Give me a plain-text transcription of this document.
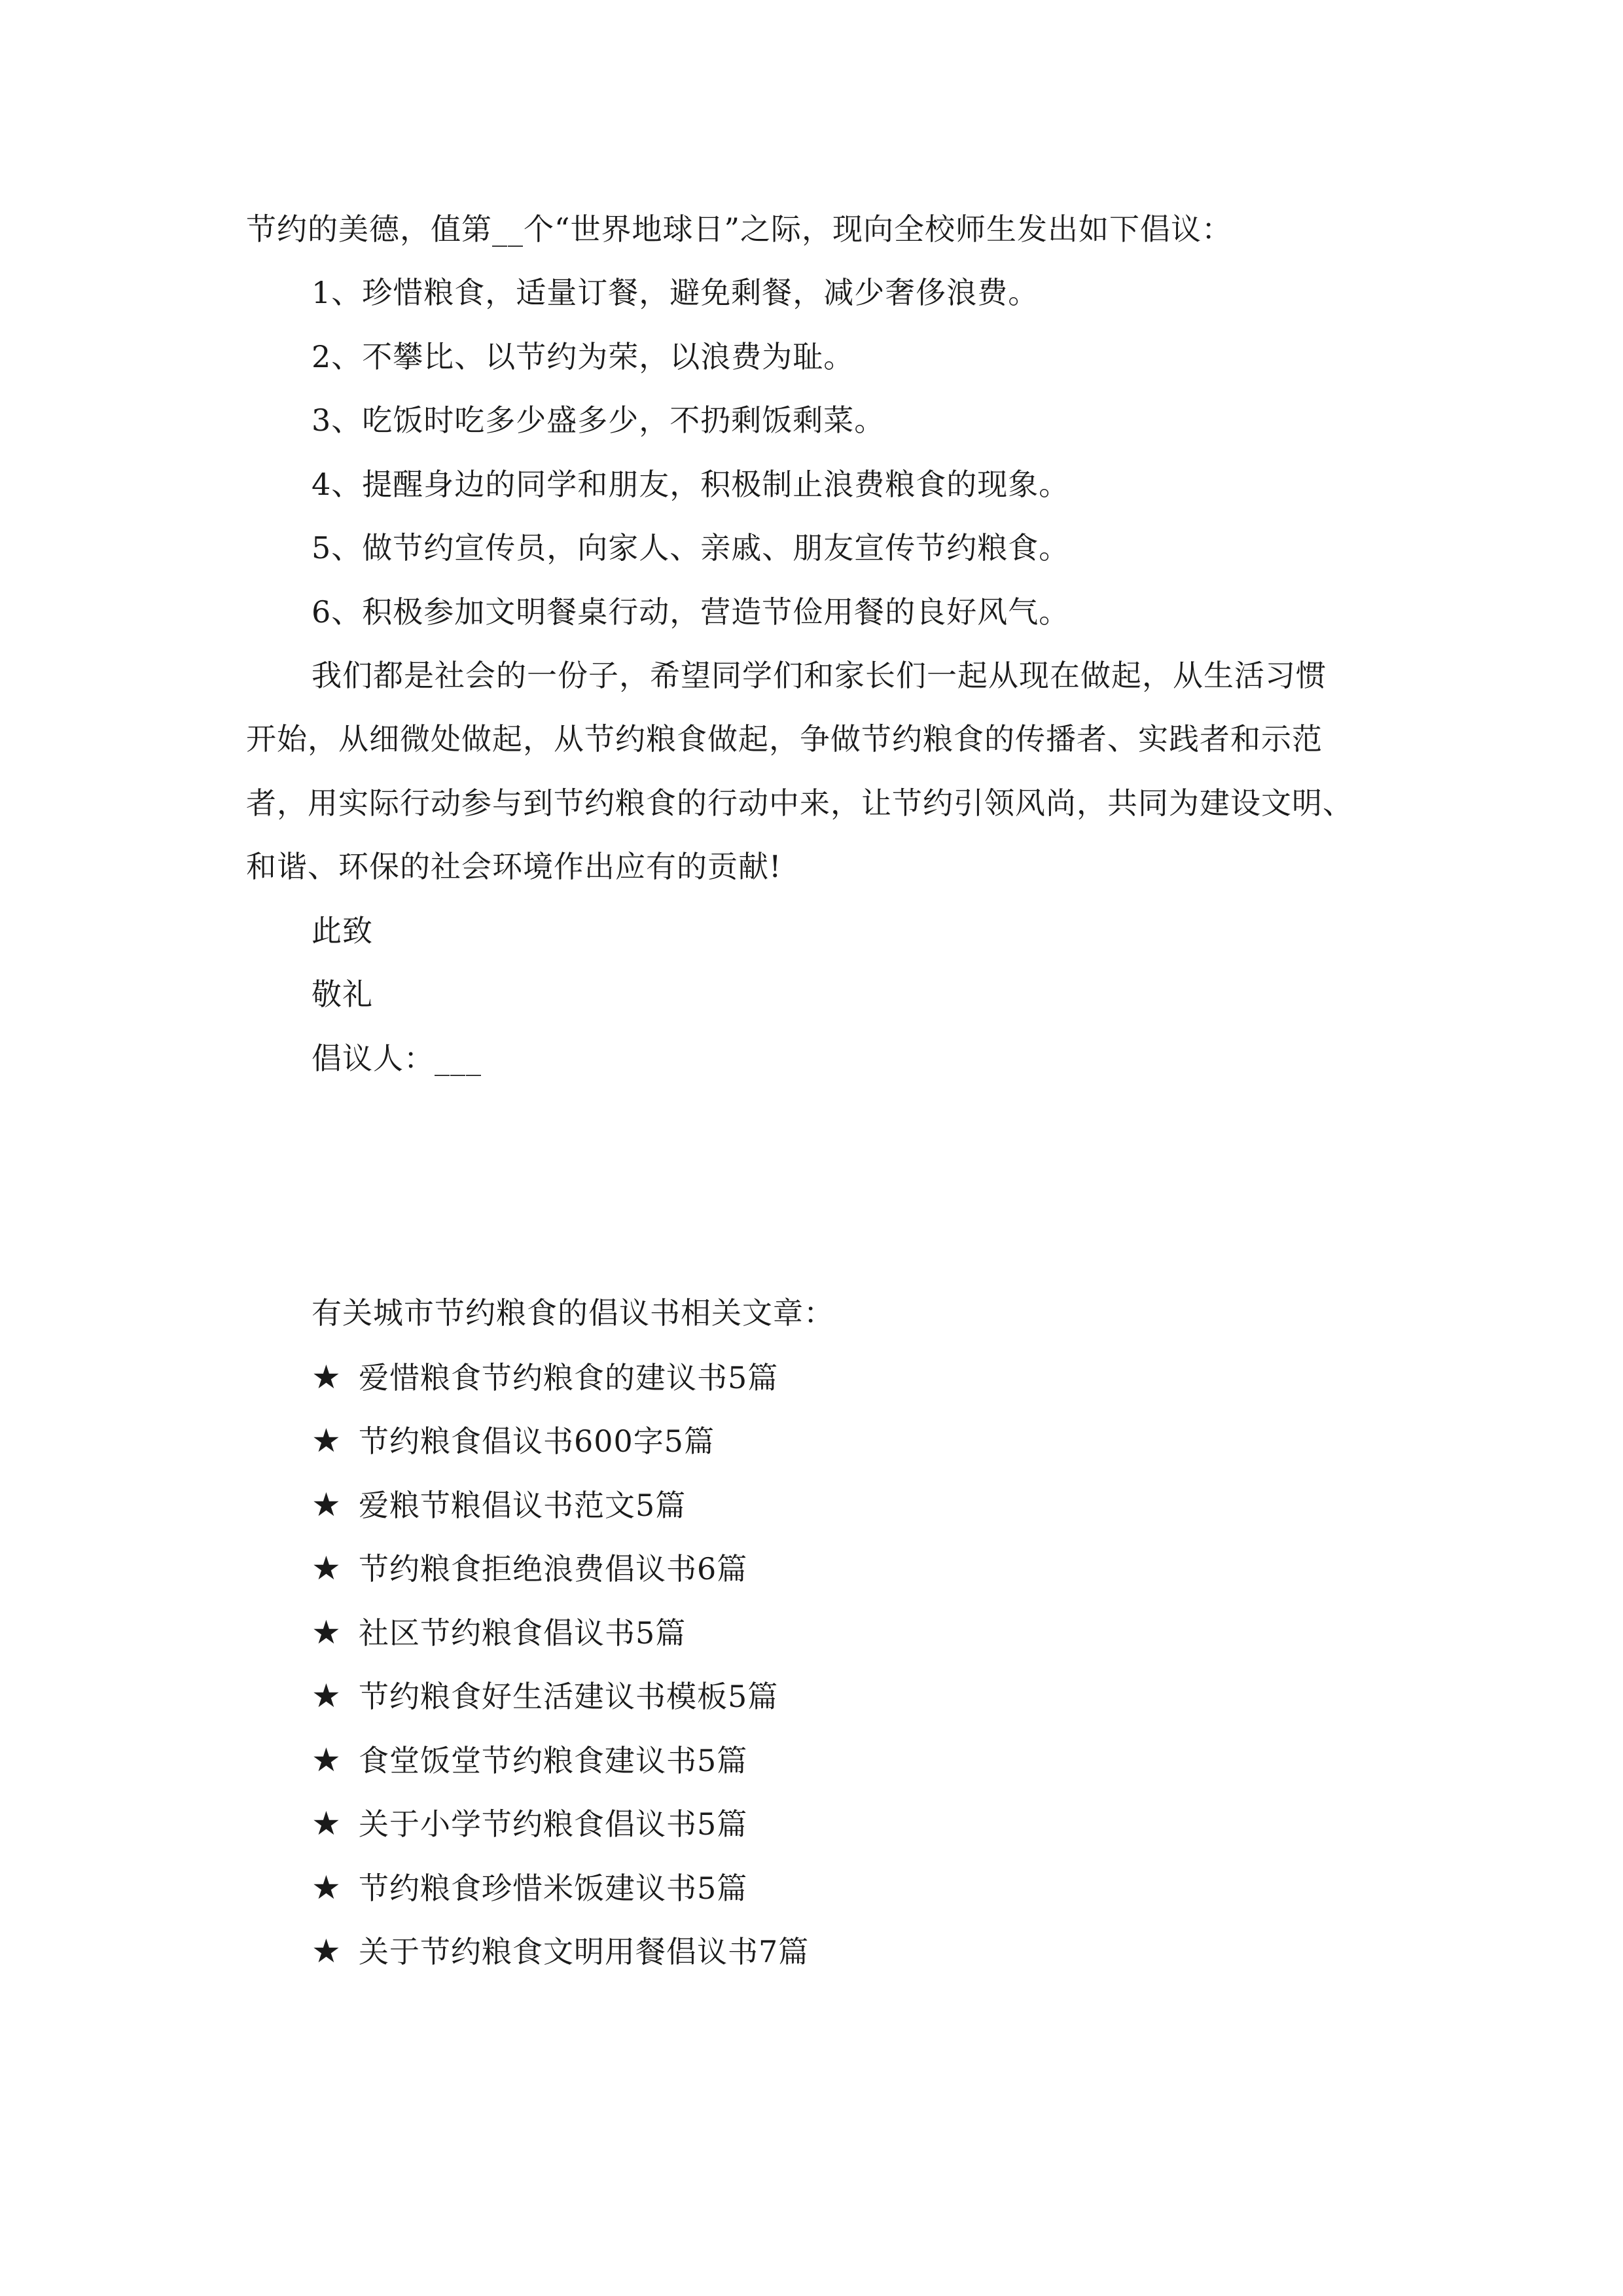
节约的美德，值第__个“世界地球日”之际，现向全校师生发出如下倡议：
1、珍惜粮食，适量订餐，避免剩餐，减少奢侈浪费。
2、不攀比、以节约为荣，以浪费为耻。
3、吃饭时吃多少盛多少，不扔剩饭剩菜。
4、提醒身边的同学和朋友，积极制止浪费粮食的现象。
5、做节约宣传员，向家人、亲戚、朋友宣传节约粮食。
6、积极参加文明餐桌行动，营造节俭用餐的良好风气。
我们都是社会的一份子，希望同学们和家长们一起从现在做起，从生活习惯
开始，从细微处做起，从节约粮食做起，争做节约粮食的传播者、实践者和示范
者，用实际行动参与到节约粮食的行动中来，让节约引领风尚，共同为建设文明、
和谐、环保的社会环境作出应有的贡献!
此致
敬礼
倡议人：___
有关城市节约粮食的倡议书相关文章：
★ 爱惜粮食节约粮食的建议书5篇
★ 节约粮食倡议书600字5篇
★ 爱粮节粮倡议书范文5篇
★ 节约粮食拒绝浪费倡议书6篇
★ 社区节约粮食倡议书5篇
★ 节约粮食好生活建议书模板5篇
★ 食堂饭堂节约粮食建议书5篇
★ 关于小学节约粮食倡议书5篇
★ 节约粮食珍惜米饭建议书5篇
★ 关于节约粮食文明用餐倡议书7篇
